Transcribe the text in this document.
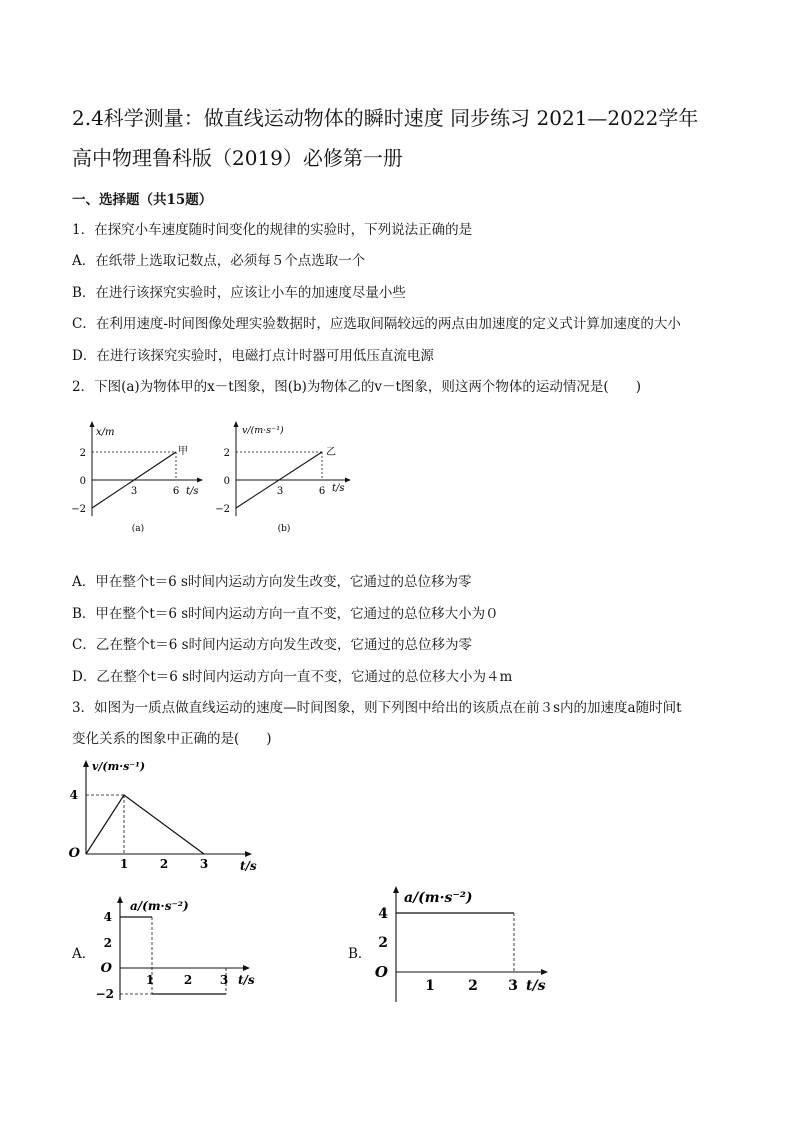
2.4科学测量：做直线运动物体的瞬时速度 同步练习 2021—2022学年
高中物理鲁科版（2019）必修第一册
一、选择题（共15题）
1．在探究小车速度随时间变化的规律的实验时，下列说法正确的是
A．在纸带上选取记数点，必须每５个点选取一个
B．在进行该探究实验时，应该让小车的加速度尽量小些
C．在利用速度-时间图像处理实验数据时，应选取间隔较远的两点由加速度的定义式计算加速度的大小
D．在进行该探究实验时，电磁打点计时器可用低压直流电源
2．下图(a)为物体甲的x－t图象，图(b)为物体乙的v－t图象，则这两个物体的运动情况是(　　)
x/m
甲
2
0
−2
3	6 t/s
(a)
v/(m·s⁻¹)
乙
2
0
−2
3	6 t/s
(b)
A．甲在整个t＝6 s时间内运动方向发生改变，它通过的总位移为零
B．甲在整个t＝6 s时间内运动方向一直不变，它通过的总位移大小为０
C．乙在整个t＝6 s时间内运动方向发生改变，它通过的总位移为零
D．乙在整个t＝6 s时间内运动方向一直不变，它通过的总位移大小为４m
3．如图为一质点做直线运动的速度—时间图象，则下列图中给出的该质点在前３s内的加速度a随时间t
变化关系的图象中正确的是(　　)
v/(m·s⁻¹)
4
O
1	2	3	t/s
A．
a/(m·s⁻²)
4
2
O
−2
1 2 3 t/s
B．
a/(m·s⁻²)
4
2
O
1 2 3 t/s
